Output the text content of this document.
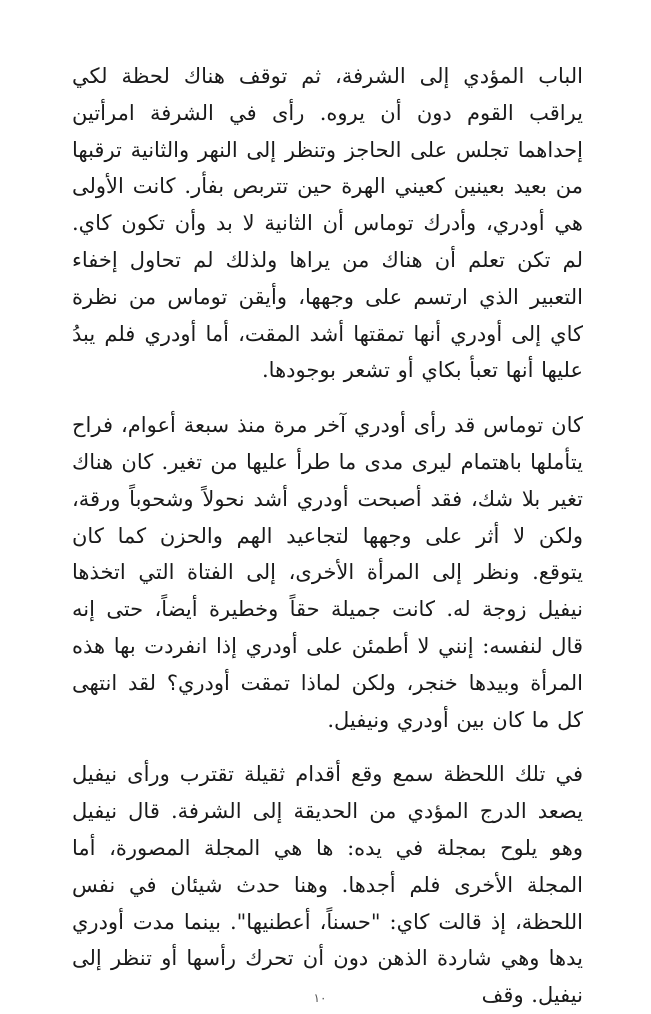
الباب المؤدي إلى الشرفة، ثم توقف هناك لحظة لكي يراقب القوم دون أن يروه. رأى في الشرفة امرأتين إحداهما تجلس على الحاجز وتنظر إلى النهر والثانية ترقبها من بعيد بعينين كعيني الهرة حين تتربص بفأر. كانت الأولى هي أودري، وأدرك توماس أن الثانية لا بد وأن تكون كاي. لم تكن تعلم أن هناك من يراها ولذلك لم تحاول إخفاء التعبير الذي ارتسم على وجهها، وأيقن توماس من نظرة كاي إلى أودري أنها تمقتها أشد المقت، أما أودري فلم يبدُ عليها أنها تعبأ بكاي أو تشعر بوجودها.

كان توماس قد رأى أودري آخر مرة منذ سبعة أعوام، فراح يتأملها باهتمام ليرى مدى ما طرأ عليها من تغير. كان هناك تغير بلا شك، فقد أصبحت أودري أشد نحولاً وشحوباً ورقة، ولكن لا أثر على وجهها لتجاعيد الهم والحزن كما كان يتوقع. ونظر إلى المرأة الأخرى، إلى الفتاة التي اتخذها نيفيل زوجة له. كانت جميلة حقاً وخطيرة أيضاً، حتى إنه قال لنفسه: إنني لا أطمئن على أودري إذا انفردت بها هذه المرأة وبيدها خنجر، ولكن لماذا تمقت أودري؟ لقد انتهى كل ما كان بين أودري ونيفيل.

في تلك اللحظة سمع وقع أقدام ثقيلة تقترب ورأى نيفيل يصعد الدرج المؤدي من الحديقة إلى الشرفة. قال نيفيل وهو يلوح بمجلة في يده: ها هي المجلة المصورة، أما المجلة الأخرى فلم أجدها. وهنا حدث شيئان في نفس اللحظة، إذ قالت كاي: "حسناً، أعطنيها". بينما مدت أودري يدها وهي شاردة الذهن دون أن تحرك رأسها أو تنظر إلى نيفيل. وقف

١٠
